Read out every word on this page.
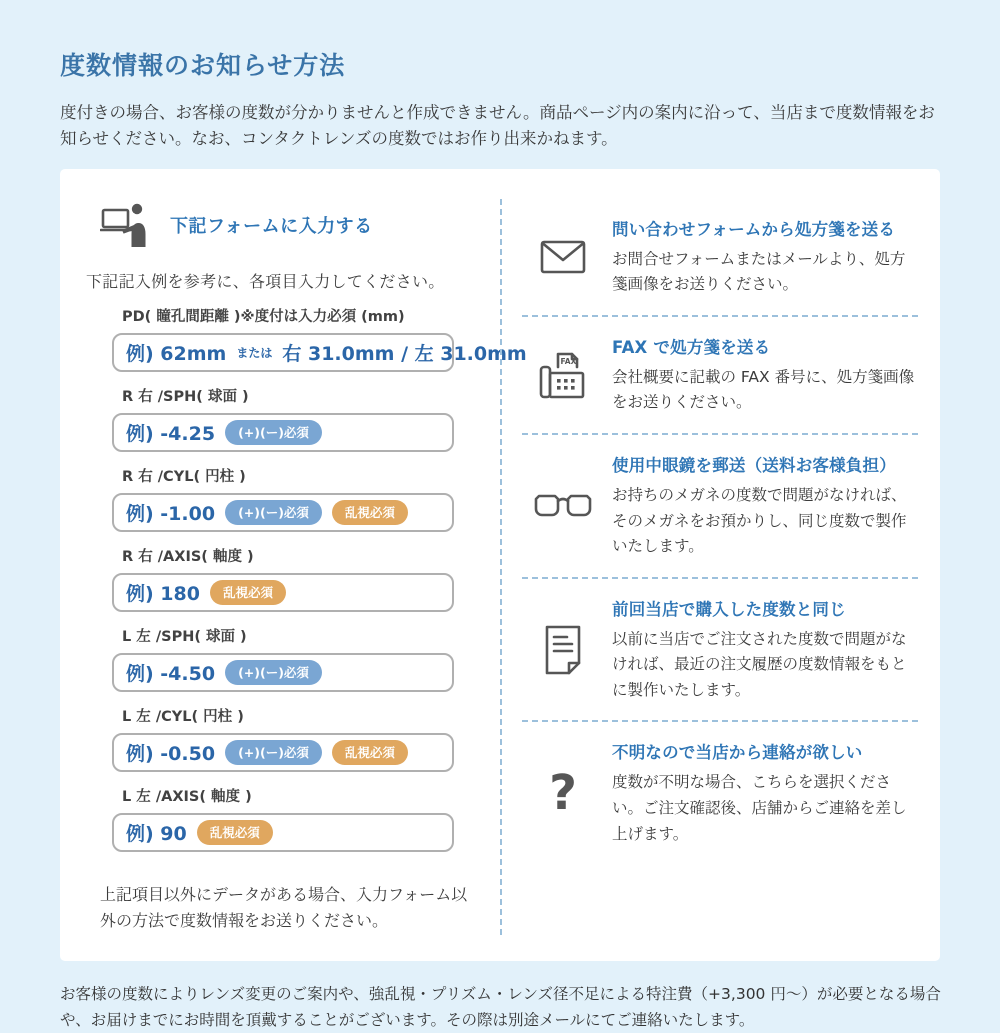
度数情報のお知らせ方法

度付きの場合、お客様の度数が分かりませんと作成できません。商品ページ内の案内に沿って、当店まで度数情報をお知らせください。なお、コンタクトレンズの度数ではお作り出来かねます。

下記フォームに入力する

下記記入例を参考に、各項目入力してください。

PD( 瞳孔間距離 )※度付は入力必須 (mm)
例) 62mm または 右 31.0mm / 左 31.0mm
R 右 /SPH( 球面 )
例) -4.25	(+)(ー)必須
R 右 /CYL( 円柱 )
例) -1.00	(+)(ー)必須	乱視必須
R 右 /AXIS( 軸度 )
例) 180	乱視必須
L 左 /SPH( 球面 )
例) -4.50	(+)(ー)必須
L 左 /CYL( 円柱 )
例) -0.50	(+)(ー)必須	乱視必須
L 左 /AXIS( 軸度 )
例) 90	乱視必須

上記項目以外にデータがある場合、入力フォーム以外の方法で度数情報をお送りください。

問い合わせフォームから処方箋を送る

お問合せフォームまたはメールより、処方箋画像をお送りください。

FAX
FAX で処方箋を送る

会社概要に記載の FAX 番号に、処方箋画像をお送りください。

使用中眼鏡を郵送（送料お客様負担）

お持ちのメガネの度数で問題がなければ、そのメガネをお預かりし、同じ度数で製作いたします。

前回当店で購入した度数と同じ

以前に当店でご注文された度数で問題がなければ、最近の注文履歴の度数情報をもとに製作いたします。

?
不明なので当店から連絡が欲しい

度数が不明な場合、こちらを選択ください。ご注文確認後、店舗からご連絡を差し上げます。

お客様の度数によりレンズ変更のご案内や、強乱視・プリズム・レンズ径不足による特注費（+3,300 円～）が必要となる場合や、お届けまでにお時間を頂戴することがございます。その際は別途メールにてご連絡いたします。
